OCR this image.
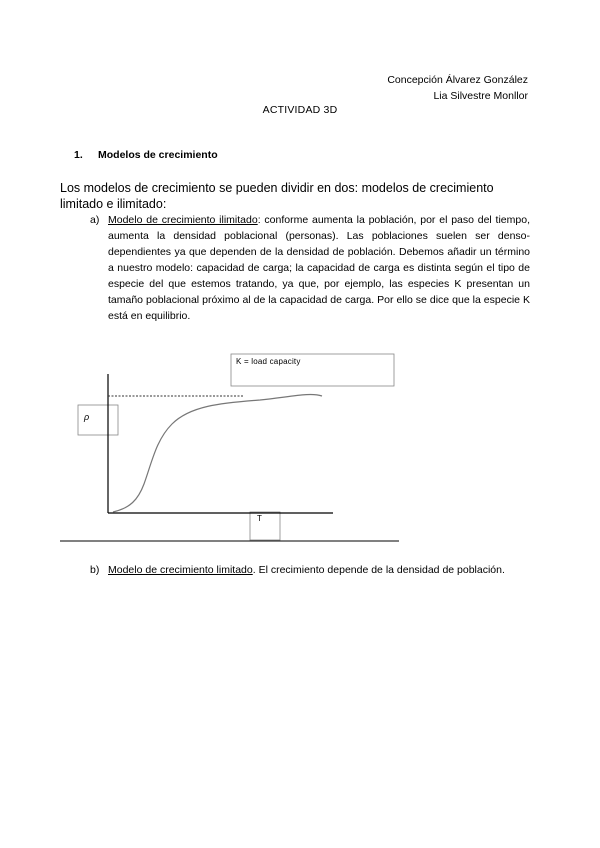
Concepción Álvarez González
Lia Silvestre Monllor
ACTIVIDAD 3D
1. Modelos de crecimiento
Los modelos de crecimiento se pueden dividir en dos: modelos de crecimiento limitado e ilimitado:
a) Modelo de crecimiento ilimitado: conforme aumenta la población, por el paso del tiempo, aumenta la densidad poblacional (personas). Las poblaciones suelen ser denso-dependientes ya que dependen de la densidad de población. Debemos añadir un término a nuestro modelo: capacidad de carga; la capacidad de carga es distinta según el tipo de especie del que estemos tratando, ya que, por ejemplo, las especies K presentan un tamaño poblacional próximo al de la capacidad de carga. Por ello se dice que la especie K está en equilibrio.
K = load capacity
ρ
T
b) Modelo de crecimiento limitado. El crecimiento depende de la densidad de población.
